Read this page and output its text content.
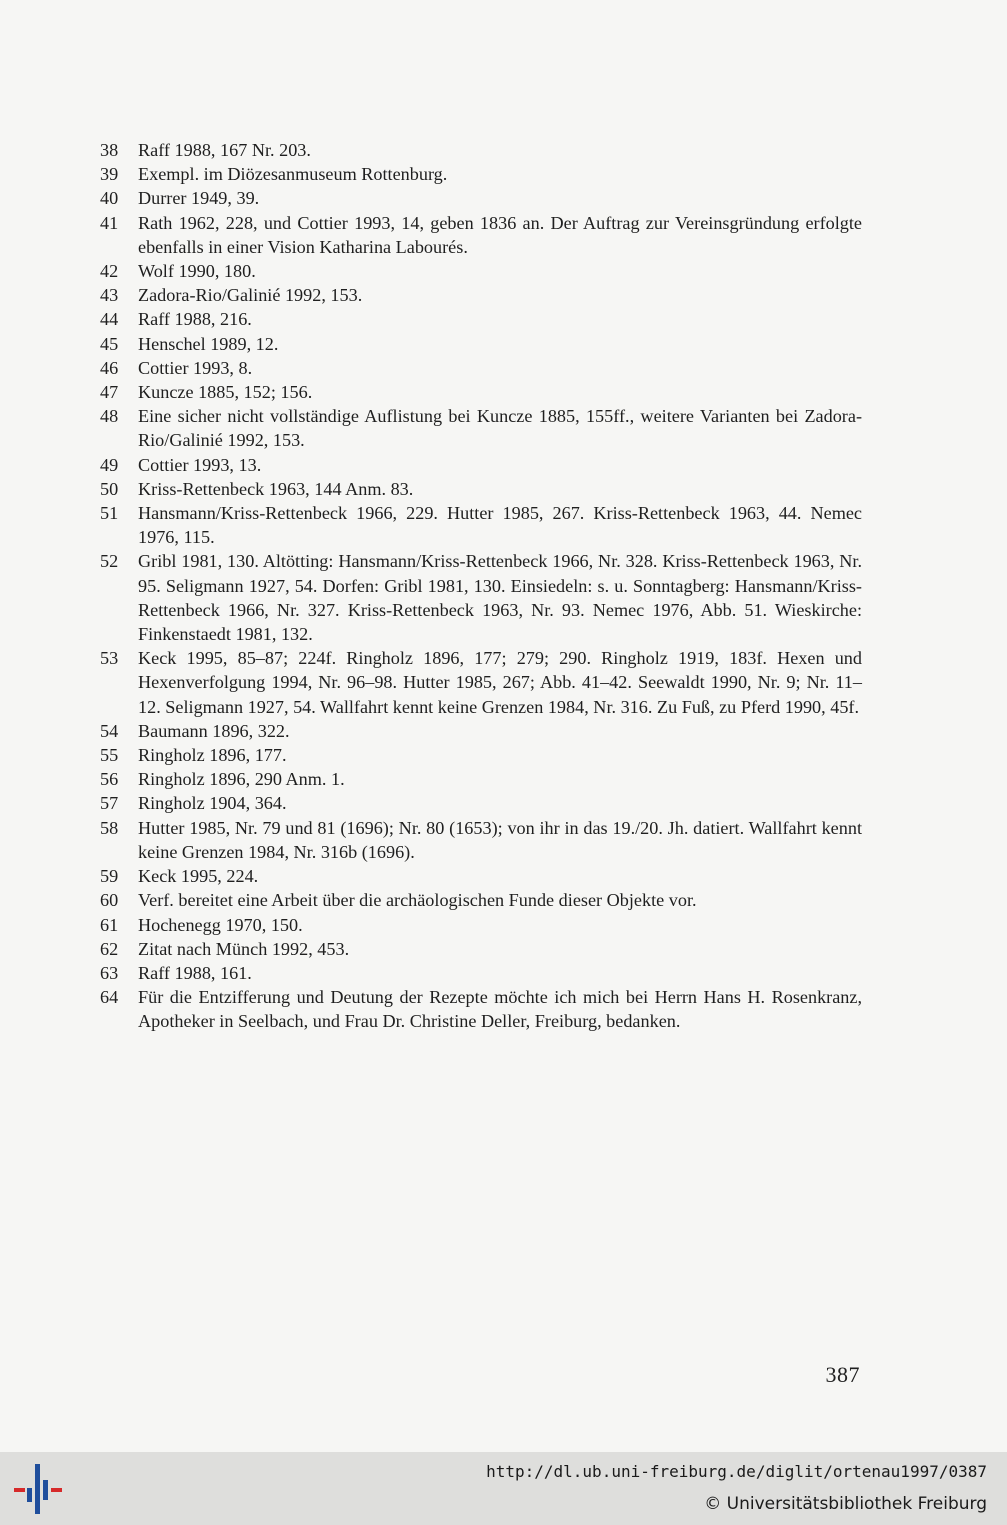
38	Raff 1988, 167 Nr. 203.
39	Exempl. im Diözesanmuseum Rottenburg.
40	Durrer 1949, 39.
41	Rath 1962, 228, und Cottier 1993, 14, geben 1836 an. Der Auftrag zur Vereinsgründung erfolgte ebenfalls in einer Vision Katharina Labourés.
42	Wolf 1990, 180.
43	Zadora-Rio/Galinié 1992, 153.
44	Raff 1988, 216.
45	Henschel 1989, 12.
46	Cottier 1993, 8.
47	Kuncze 1885, 152; 156.
48	Eine sicher nicht vollständige Auflistung bei Kuncze 1885, 155ff., weitere Varianten bei Zadora-Rio/Galinié 1992, 153.
49	Cottier 1993, 13.
50	Kriss-Rettenbeck 1963, 144 Anm. 83.
51	Hansmann/Kriss-Rettenbeck 1966, 229. Hutter 1985, 267. Kriss-Rettenbeck 1963, 44. Nemec 1976, 115.
52	Gribl 1981, 130. Altötting: Hansmann/Kriss-Rettenbeck 1966, Nr. 328. Kriss-Rettenbeck 1963, Nr. 95. Seligmann 1927, 54. Dorfen: Gribl 1981, 130. Einsiedeln: s. u. Sonntagberg: Hansmann/Kriss-Rettenbeck 1966, Nr. 327. Kriss-Rettenbeck 1963, Nr. 93. Nemec 1976, Abb. 51. Wieskirche: Finkenstaedt 1981, 132.
53	Keck 1995, 85–87; 224f. Ringholz 1896, 177; 279; 290. Ringholz 1919, 183f. Hexen und Hexenverfolgung 1994, Nr. 96–98. Hutter 1985, 267; Abb. 41–42. Seewaldt 1990, Nr. 9; Nr. 11–12. Seligmann 1927, 54. Wallfahrt kennt keine Grenzen 1984, Nr. 316. Zu Fuß, zu Pferd 1990, 45f.
54	Baumann 1896, 322.
55	Ringholz 1896, 177.
56	Ringholz 1896, 290 Anm. 1.
57	Ringholz 1904, 364.
58	Hutter 1985, Nr. 79 und 81 (1696); Nr. 80 (1653); von ihr in das 19./20. Jh. datiert. Wallfahrt kennt keine Grenzen 1984, Nr. 316b (1696).
59	Keck 1995, 224.
60	Verf. bereitet eine Arbeit über die archäologischen Funde dieser Objekte vor.
61	Hochenegg 1970, 150.
62	Zitat nach Münch 1992, 453.
63	Raff 1988, 161.
64	Für die Entzifferung und Deutung der Rezepte möchte ich mich bei Herrn Hans H. Rosenkranz, Apotheker in Seelbach, und Frau Dr. Christine Deller, Freiburg, bedanken.
387
http://dl.ub.uni-freiburg.de/diglit/ortenau1997/0387
© Universitätsbibliothek Freiburg
